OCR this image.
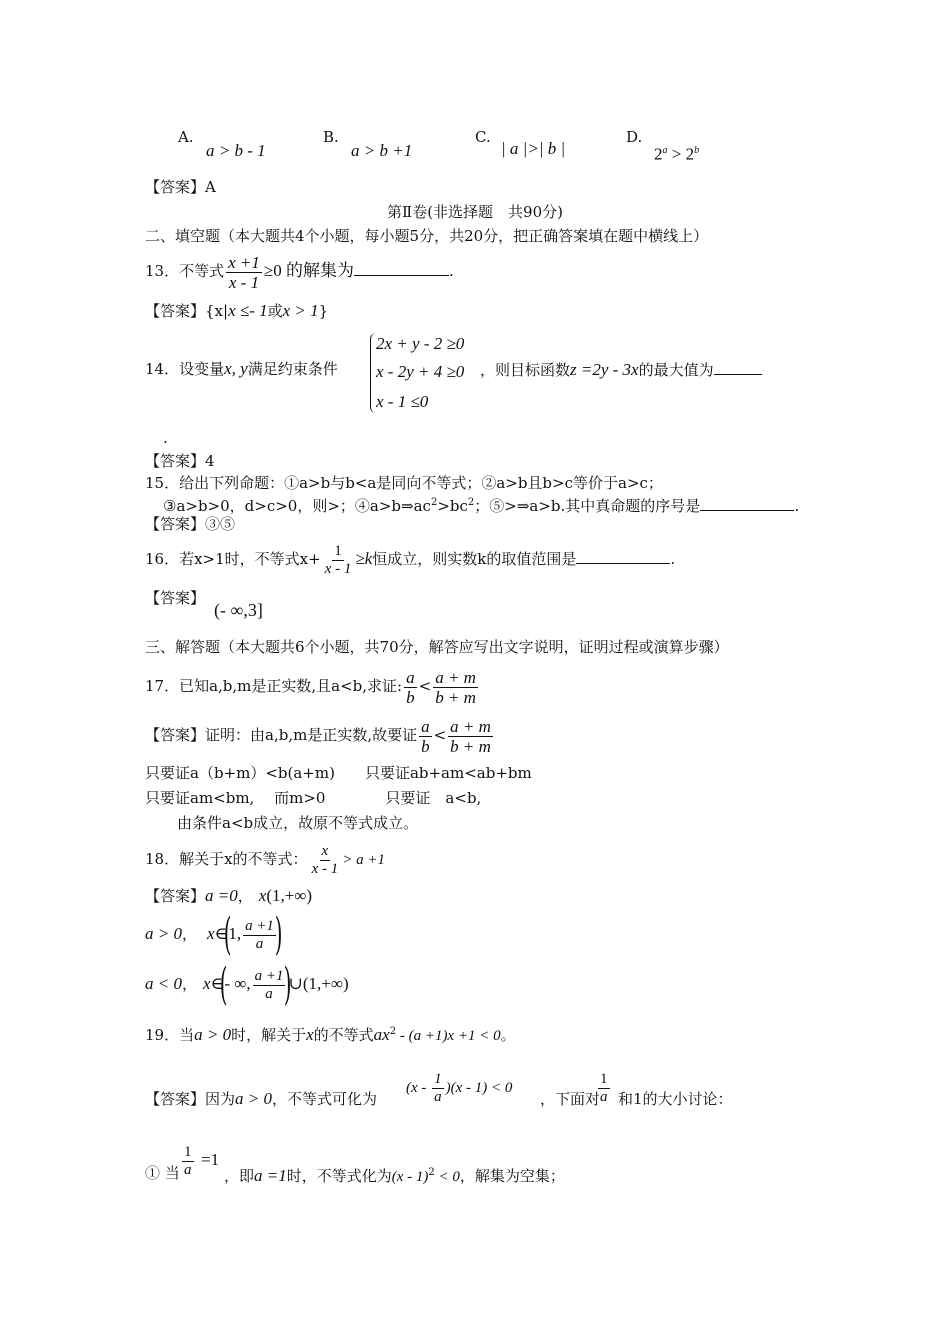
A.
a > b - 1
B.
a > b +1
C.
| a |>| b |
D.
$2^a > 2^b$
【答案】A
第Ⅱ卷(非选择题　共90分)
二、填空题（本大题共4个小题，每小题5分，共20分，把正确答案填在题中横线上）
13．不等式 $\frac{x +1}{x - 1} \ge 0$ 的解集为	.
【答案】{x|x ≤- 1或x > 1}
14．设变量x, y满足约束条件
2x + y - 2 ≥0
x - 2y + 4 ≥0
x - 1 ≤0
，则目标函数z =2y - 3x的最大值为
.
【答案】4
15．给出下列命题：①a>b与b<a是同向不等式；②a>b且b>c等价于a>c；
③a>b>0，d>c>0，则>；$④a>b\Rightarrow ac^2>bc^2$；⑤>⇒a>b.其中真命题的序号是	.
【答案】③⑤
16．若x>1时，不等式$x+ \frac{1}{x - 1} \ge k$恒成立，则实数k的取值范围是	.
【答案】
(- ∞,3]
三、解答题（本大题共6个小题，共70分，解答应写出文字说明，证明过程或演算步骤）
17．已知a,b,m是正实数,且a<b,求证: $\frac{a}{b} < \frac{a + m}{b + m}$
【答案】证明：由a,b,m是正实数,故要证 $\frac{a}{b} < \frac{a + m}{b + m}$
只要证a（b+m）<b(a+m)　　只要证ab+am<ab+bm
只要证am<bm,　 而m>0　　　　只要证　a<b,
由条件a<b成立，故原不等式成立。
18．解关于x的不等式： $\frac{x}{x - 1} > a +1$
【答案】a =0， x(1,+∞)
a > 0， x∈(1, $\frac{a +1}{a}$
)
a < 0， x∈(- ∞, $\frac{a +1}{a}$
)∪(1,+∞)
19．当a > 0时，解关于x的不等式$ax^2 - (a +1)x +1 < 0$。
【答案】因为a > 0，不等式可化为
$(x - \frac{1}{a} )(x - 1) < 0$
，下面对
$\frac{1}{a}$ 和1的大小讨论：
① 当 $\frac{1}{a} =1$
，即a =1时，不等式化为(x - 1)$^2$ < 0，解集为空集；
